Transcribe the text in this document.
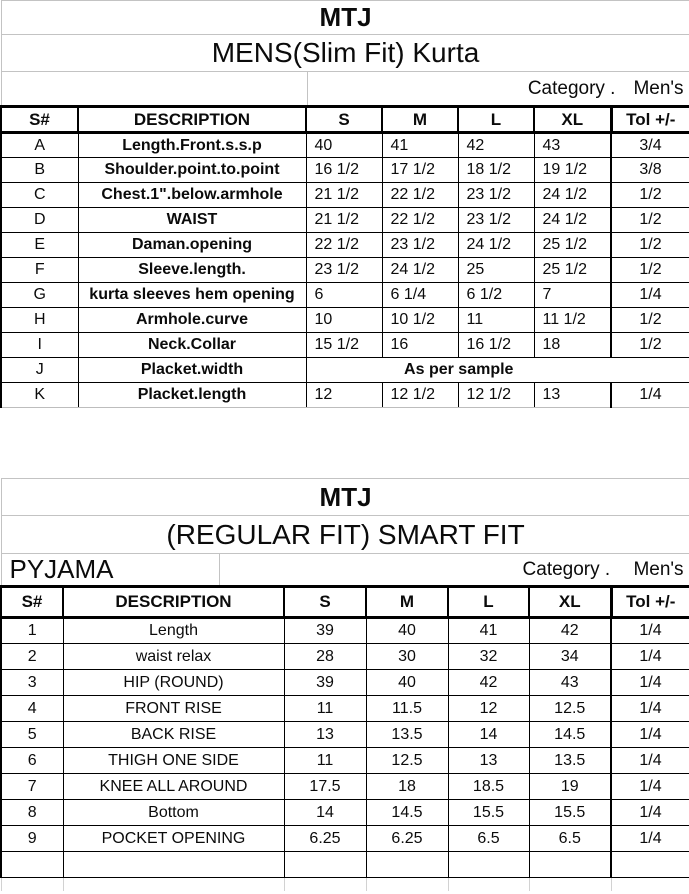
MTJ						
MENS(Slim Fit) Kurta						

Category . Men's						

S#	DESCRIPTION	S	M	L	XL	Tol +/-
A	Length.Front.s.s.p	40	41	42	43	3/4
B	Shoulder.point.to.point	16 1/2	17 1/2	18 1/2	19 1/2	3/8
C	Chest.1".below.armhole	21 1/2	22 1/2	23 1/2	24 1/2	1/2
D	WAIST	21 1/2	22 1/2	23 1/2	24 1/2	1/2
E	Daman.opening	22 1/2	23 1/2	24 1/2	25 1/2	1/2
F	Sleeve.length.	23 1/2	24 1/2	25	25 1/2	1/2
G	kurta sleeves hem opening	6	6 1/4	6 1/2	7	1/4
H	Armhole.curve	10	10 1/2	11	11 1/2	1/2
I	Neck.Collar	15 1/2	16	16 1/2	18	1/2
J	Placket.width	As per sample				
K	Placket.length	12	12 1/2	12 1/2	13	1/4
MTJ						
(REGULAR FIT) SMART FIT						

PYJAMA Category . Men's						

S#	DESCRIPTION	S	M	L	XL	Tol +/-
1	Length	39	40	41	42	1/4
2	waist relax	28	30	32	34	1/4
3	HIP (ROUND)	39	40	42	43	1/4
4	FRONT RISE	11	11.5	12	12.5	1/4
5	BACK RISE	13	13.5	14	14.5	1/4
6	THIGH ONE SIDE	11	12.5	13	13.5	1/4
7	KNEE ALL AROUND	17.5	18	18.5	19	1/4
8	Bottom	14	14.5	15.5	15.5	1/4
9	POCKET OPENING	6.25	6.25	6.5	6.5	1/4
